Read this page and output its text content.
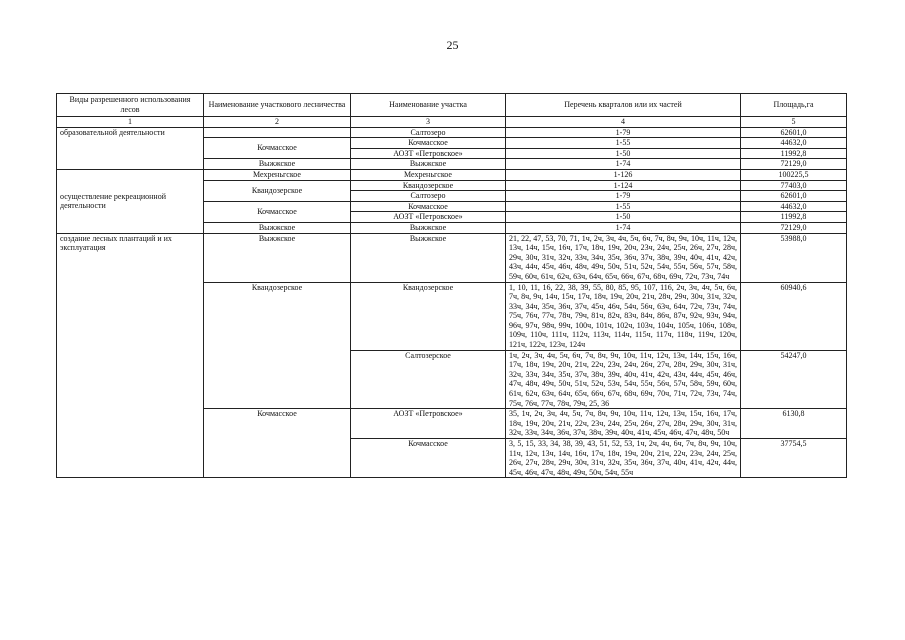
25
Виды разрешенного использования лесов	Наименование участкового лесничества	Наименование участка	Перечень кварталов или их частей	Площадь,га
1	2	3	4	5
образовательной деятельности		Салтозеро	1-79	62601,0
	Кочмасское	Кочмасское	1-55	44632,0
		АОЗТ «Петровское»	1-50	11992,8
	Выжжское	Выжжское	1-74	72129,0
осуществление рекреационной деятельности	Мехреньгское	Мехреньгское	1-126	100225,5
	Квандозерское	Квандозерское	1-124	77403,0
		Салтозеро	1-79	62601,0
	Кочмасское	Кочмасское	1-55	44632,0
		АОЗТ «Петровское»	1-50	11992,8
	Выжжское	Выжжское	1-74	72129,0
создание лесных плантаций и их эксплуатация	Выжжское	Выжжское	21, 22, 47, 53, 70, 71, 1ч, 2ч, 3ч, 4ч, 5ч, 6ч, 7ч, 8ч, 9ч, 10ч, 11ч, 12ч, 13ч, 14ч, 15ч, 16ч, 17ч, 18ч, 19ч, 20ч, 23ч, 24ч, 25ч, 26ч, 27ч, 28ч, 29ч, 30ч, 31ч, 32ч, 33ч, 34ч, 35ч, 36ч, 37ч, 38ч, 39ч, 40ч, 41ч, 42ч, 43ч, 44ч, 45ч, 46ч, 48ч, 49ч, 50ч, 51ч, 52ч, 54ч, 55ч, 56ч, 57ч, 58ч, 59ч, 60ч, 61ч, 62ч, 63ч, 64ч, 65ч, 66ч, 67ч, 68ч, 69ч, 72ч, 73ч, 74ч	53988,0
	Квандозерское	Квандозерское	1, 10, 11, 16, 22, 38, 39, 55, 80, 85, 95, 107, 116, 2ч, 3ч, 4ч, 5ч, 6ч, 7ч, 8ч, 9ч, 14ч, 15ч, 17ч, 18ч, 19ч, 20ч, 21ч, 28ч, 29ч, 30ч, 31ч, 32ч, 33ч, 34ч, 35ч, 36ч, 37ч, 45ч, 46ч, 54ч, 56ч, 63ч, 64ч, 72ч, 73ч, 74ч, 75ч, 76ч, 77ч, 78ч, 79ч, 81ч, 82ч, 83ч, 84ч, 86ч, 87ч, 92ч, 93ч, 94ч, 96ч, 97ч, 98ч, 99ч, 100ч, 101ч, 102ч, 103ч, 104ч, 105ч, 106ч, 108ч, 109ч, 110ч, 111ч, 112ч, 113ч, 114ч, 115ч, 117ч, 118ч, 119ч, 120ч, 121ч, 122ч, 123ч, 124ч	60940,6
		Салтозерское	1ч, 2ч, 3ч, 4ч, 5ч, 6ч, 7ч, 8ч, 9ч, 10ч, 11ч, 12ч, 13ч, 14ч, 15ч, 16ч, 17ч, 18ч, 19ч, 20ч, 21ч, 22ч, 23ч, 24ч, 26ч, 27ч, 28ч, 29ч, 30ч, 31ч, 32ч, 33ч, 34ч, 35ч, 37ч, 38ч, 39ч, 40ч, 41ч, 42ч, 43ч, 44ч, 45ч, 46ч, 47ч, 48ч, 49ч, 50ч, 51ч, 52ч, 53ч, 54ч, 55ч, 56ч, 57ч, 58ч, 59ч, 60ч, 61ч, 62ч, 63ч, 64ч, 65ч, 66ч, 67ч, 68ч, 69ч, 70ч, 71ч, 72ч, 73ч, 74ч, 75ч, 76ч, 77ч, 78ч, 79ч, 25, 36	54247,0
	Кочмасское	АОЗТ «Петровское»	35, 1ч, 2ч, 3ч, 4ч, 5ч, 7ч, 8ч, 9ч, 10ч, 11ч, 12ч, 13ч, 15ч, 16ч, 17ч, 18ч, 19ч, 20ч, 21ч, 22ч, 23ч, 24ч, 25ч, 26ч, 27ч, 28ч, 29ч, 30ч, 31ч, 32ч, 33ч, 34ч, 36ч, 37ч, 38ч, 39ч, 40ч, 41ч, 45ч, 46ч, 47ч, 48ч, 50ч	6130,8
		Кочмасское	3, 5, 15, 33, 34, 38, 39, 43, 51, 52, 53, 1ч, 2ч, 4ч, 6ч, 7ч, 8ч, 9ч, 10ч, 11ч, 12ч, 13ч, 14ч, 16ч, 17ч, 18ч, 19ч, 20ч, 21ч, 22ч, 23ч, 24ч, 25ч, 26ч, 27ч, 28ч, 29ч, 30ч, 31ч, 32ч, 35ч, 36ч, 37ч, 40ч, 41ч, 42ч, 44ч, 45ч, 46ч, 47ч, 48ч, 49ч, 50ч, 54ч, 55ч	37754,5
